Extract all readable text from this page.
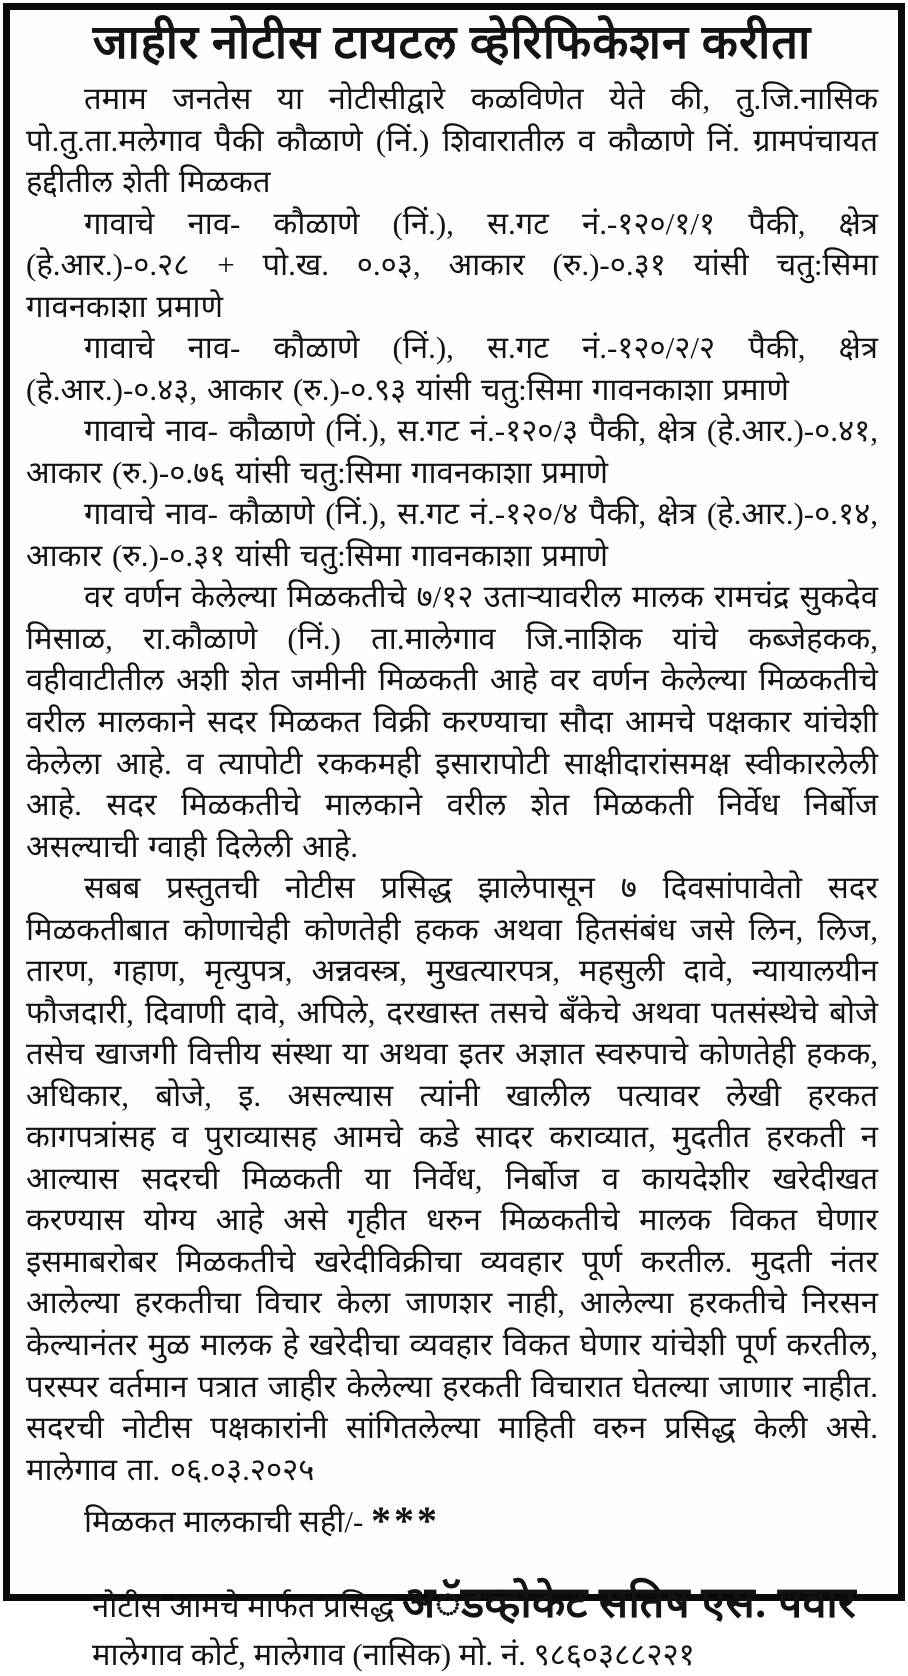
जाहीर नोटीस टायटल व्हेरिफिकेशन करीता

तमाम जनतेस या नोटीसीद्वारे कळविणेत येते की, तु.जि.नासिक पो.तु.ता.मलेगाव पैकी कौळाणे (निं.) शिवारातील व कौळाणे निं. ग्रामपंचायत हद्दीतील शेती मिळकत

गावाचे नाव- कौळाणे (निं.), स.गट नं.-१२०/१/१ पैकी, क्षेत्र (हे.आर.)-०.२८ + पो.ख. ०.०३, आकार (रु.)-०.३१ यांसी चतु:सिमा गावनकाशा प्रमाणे

गावाचे नाव- कौळाणे (निं.), स.गट नं.-१२०/२/२ पैकी, क्षेत्र (हे.आर.)-०.४३, आकार (रु.)-०.९३ यांसी चतु:सिमा गावनकाशा प्रमाणे

गावाचे नाव- कौळाणे (निं.), स.गट नं.-१२०/३ पैकी, क्षेत्र (हे.आर.)-०.४१, आकार (रु.)-०.७६ यांसी चतु:सिमा गावनकाशा प्रमाणे

गावाचे नाव- कौळाणे (निं.), स.गट नं.-१२०/४ पैकी, क्षेत्र (हे.आर.)-०.१४, आकार (रु.)-०.३१ यांसी चतु:सिमा गावनकाशा प्रमाणे

वर वर्णन केलेल्या मिळकतीचे ७/१२ उताऱ्यावरील मालक रामचंद्र सुकदेव मिसाळ, रा.कौळाणे (निं.) ता.मालेगाव जि.नाशिक यांचे कब्जेहकक, वहीवाटीतील अशी शेत जमीनी मिळकती आहे वर वर्णन केलेल्या मिळकतीचे वरील मालकाने सदर मिळकत विक्री करण्याचा सौदा आमचे पक्षकार यांचेशी केलेला आहे. व त्यापोटी रककमही इसारापोटी साक्षीदारांसमक्ष स्वीकारलेली आहे. सदर मिळकतीचे मालकाने वरील शेत मिळकती निर्वेध निर्बोज असल्याची ग्वाही दिलेली आहे.

सबब प्रस्तुतची नोटीस प्रसिद्ध झालेपासून ७ दिवसांपावेतो सदर मिळकतीबात कोणाचेही कोणतेही हकक अथवा हितसंबंध जसे लिन, लिज, तारण, गहाण, मृत्युपत्र, अन्नवस्त्र, मुखत्यारपत्र, महसुली दावे, न्यायालयीन फौजदारी, दिवाणी दावे, अपिले, दरखास्त तसचे बँकेचे अथवा पतसंस्थेचे बोजे तसेच खाजगी वित्तीय संस्था या अथवा इतर अज्ञात स्वरुपाचे कोणतेही हकक, अधिकार, बोजे, इ. असल्यास त्यांनी खालील पत्यावर लेखी हरकत कागपत्रांसह व पुराव्यासह आमचे कडे सादर कराव्यात, मुदतीत हरकती न आल्यास सदरची मिळकती या निर्वेध, निर्बोज व कायदेशीर खरेदीखत करण्यास योग्य आहे असे गृहीत धरुन मिळकतीचे मालक विकत घेणार इसमाबरोबर मिळकतीचे खरेदीविक्रीचा व्यवहार पूर्ण करतील. मुदती नंतर आलेल्या हरकतीचा विचार केला जाणशर नाही, आलेल्या हरकतीचे निरसन केल्यानंतर मुळ मालक हे खरेदीचा व्यवहार विकत घेणार यांचेशी पूर्ण करतील, परस्पर वर्तमान पत्रात जाहीर केलेल्या हरकती विचारात घेतल्या जाणार नाहीत. सदरची नोटीस पक्षकारांनी सांगितलेल्या माहिती वरुन प्रसिद्ध केली असे. मालेगाव ता. ०६.०३.२०२५

मिळकत मालकाची सही/- ***
नोटीस आमचे मार्फत प्रसिद्ध अॅडव्होकेट सतिष एस. पवार
मालेगाव कोर्ट, मालेगाव (नासिक) मो. नं. ९८६०३८८२२१
